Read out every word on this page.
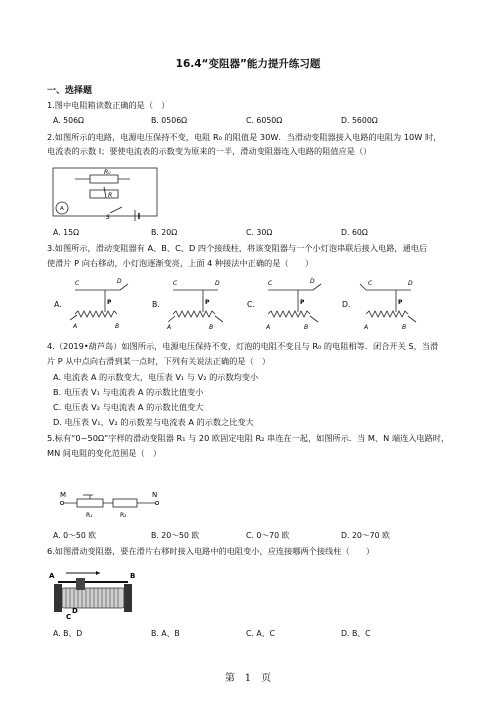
16.4“变阻器”能力提升练习题
一、选择题
1.图中电阻箱读数正确的是（　）
A. 506Ω	B. 0506Ω	C. 6050Ω	D. 5600Ω
2.如图所示的电路，电源电压保持不变，电阻 R₀ 的阻值是 30W．当滑动变阻器接入电路的电阻为 10W 时，
电流表的示数 I；要使电流表的示数变为原来的一半，滑动变阻器连入电路的阻值应是（）
R₀
R
S
A
A. 15Ω	B. 20Ω	C. 30Ω	D. 60Ω
3.如图所示，滑动变阻器有 A、B、C、D 四个接线柱，将该变阻器与一个小灯泡串联后接入电路，通电后
使滑片 P 向右移动，小灯泡逐渐变亮，上面 4 种接法中正确的是（　　）
A.	B.	C.	D.
C	D
P
A	B
C	D
P
A	B
C	D
P
A	B
C	D
P
A	B
4.（2019•葫芦岛）如图所示，电源电压保持不变，灯泡的电阻不变且与 R₀ 的电阻相等．闭合开关 S，当滑
片 P 从中点向右滑到某一点时，下列有关说法正确的是（　）
A. 电流表 A 的示数变大，电压表 V₁ 与 V₂ 的示数均变小
B. 电压表 V₁ 与电流表 A 的示数比值变小
C. 电压表 V₂ 与电流表 A 的示数比值变大
D. 电压表 V₁、V₂ 的示数差与电流表 A 的示数之比变大
5.标有“0~50Ω”字样的滑动变阻器 R₁ 与 20 欧固定电阻 R₂ 串连在一起，如图所示．当 M、N 端连入电路时，
MN 间电阻的变化范围是（　）
M	N
R₁	R₂
A. 0～50 欧	B. 20～50 欧	C. 0～70 欧	D. 20～70 欧
6.如图滑动变阻器，要在滑片右移时接入电路中的电阻变小，应连接哪两个接线柱（　　）
A	B
C
D
A. B、D	B. A、B	C. A、C	D. B、C
第　1　页
